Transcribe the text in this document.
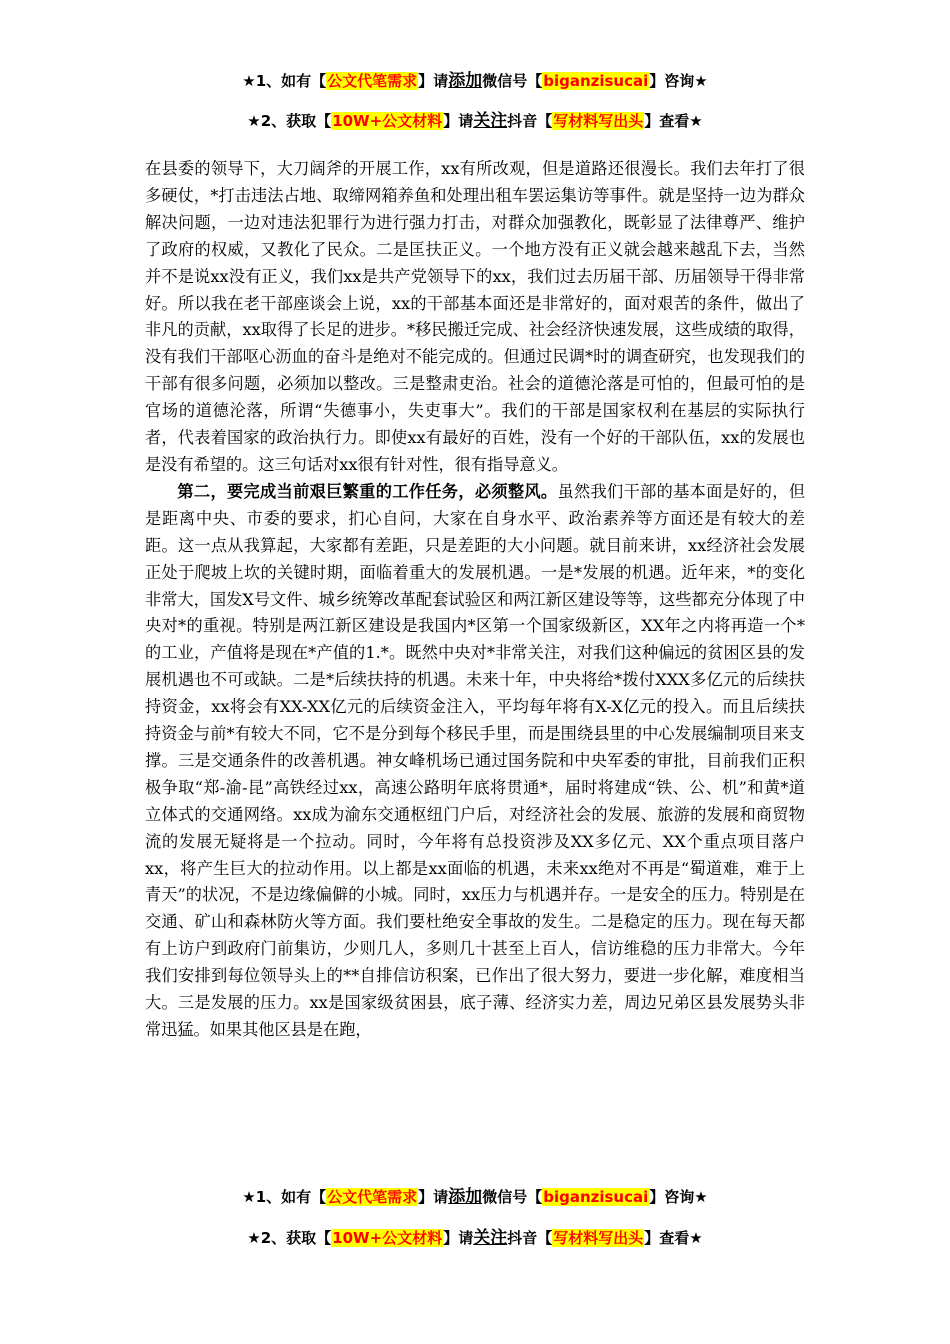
★1、如有【公文代笔需求】请添加微信号【biganzisucai】咨询★
★2、获取【10W+公文材料】请关注抖音【写材料写出头】查看★

在县委的领导下，大刀阔斧的开展工作，xx有所改观，但是道路还很漫长。我们去年打了很多硬仗，*打击违法占地、取缔网箱养鱼和处理出租车罢运集访等事件。就是坚持一边为群众解决问题，一边对违法犯罪行为进行强力打击，对群众加强教化，既彰显了法律尊严、维护了政府的权威，又教化了民众。二是匡扶正义。一个地方没有正义就会越来越乱下去，当然并不是说xx没有正义，我们xx是共产党领导下的xx，我们过去历届干部、历届领导干得非常好。所以我在老干部座谈会上说，xx的干部基本面还是非常好的，面对艰苦的条件，做出了非凡的贡献，xx取得了长足的进步。*移民搬迁完成、社会经济快速发展，这些成绩的取得，没有我们干部呕心沥血的奋斗是绝对不能完成的。但通过民调*时的调查研究，也发现我们的干部有很多问题，必须加以整改。三是整肃吏治。社会的道德沦落是可怕的，但最可怕的是官场的道德沦落，所谓“失德事小，失吏事大”。我们的干部是国家权利在基层的实际执行者，代表着国家的政治执行力。即使xx有最好的百姓，没有一个好的干部队伍，xx的发展也是没有希望的。这三句话对xx很有针对性，很有指导意义。

第二，要完成当前艰巨繁重的工作任务，必须整风。虽然我们干部的基本面是好的，但是距离中央、市委的要求，扪心自问，大家在自身水平、政治素养等方面还是有较大的差距。这一点从我算起，大家都有差距，只是差距的大小问题。就目前来讲，xx经济社会发展正处于爬坡上坎的关键时期，面临着重大的发展机遇。一是*发展的机遇。近年来，*的变化非常大，国发X号文件、城乡统筹改革配套试验区和两江新区建设等等，这些都充分体现了中央对*的重视。特别是两江新区建设是我国内*区第一个国家级新区，XX年之内将再造一个*的工业，产值将是现在*产值的1.*。既然中央对*非常关注，对我们这种偏远的贫困区县的发展机遇也不可或缺。二是*后续扶持的机遇。未来十年，中央将给*拨付XXX多亿元的后续扶持资金，xx将会有XX-XX亿元的后续资金注入，平均每年将有X-X亿元的投入。而且后续扶持资金与前*有较大不同，它不是分到每个移民手里，而是围绕县里的中心发展编制项目来支撑。三是交通条件的改善机遇。神女峰机场已通过国务院和中央军委的审批，目前我们正积极争取“郑-渝-昆”高铁经过xx，高速公路明年底将贯通*，届时将建成“铁、公、机”和黄*道立体式的交通网络。xx成为渝东交通枢纽门户后，对经济社会的发展、旅游的发展和商贸物流的发展无疑将是一个拉动。同时，今年将有总投资涉及XX多亿元、XX个重点项目落户xx，将产生巨大的拉动作用。以上都是xx面临的机遇，未来xx绝对不再是“蜀道难，难于上青天”的状况，不是边缘偏僻的小城。同时，xx压力与机遇并存。一是安全的压力。特别是在交通、矿山和森林防火等方面。我们要杜绝安全事故的发生。二是稳定的压力。现在每天都有上访户到政府门前集访，少则几人，多则几十甚至上百人，信访维稳的压力非常大。今年我们安排到每位领导头上的**自排信访积案，已作出了很大努力，要进一步化解，难度相当大。三是发展的压力。xx是国家级贫困县，底子薄、经济实力差，周边兄弟区县发展势头非常迅猛。如果其他区县是在跑，

★1、如有【公文代笔需求】请添加微信号【biganzisucai】咨询★
★2、获取【10W+公文材料】请关注抖音【写材料写出头】查看★
